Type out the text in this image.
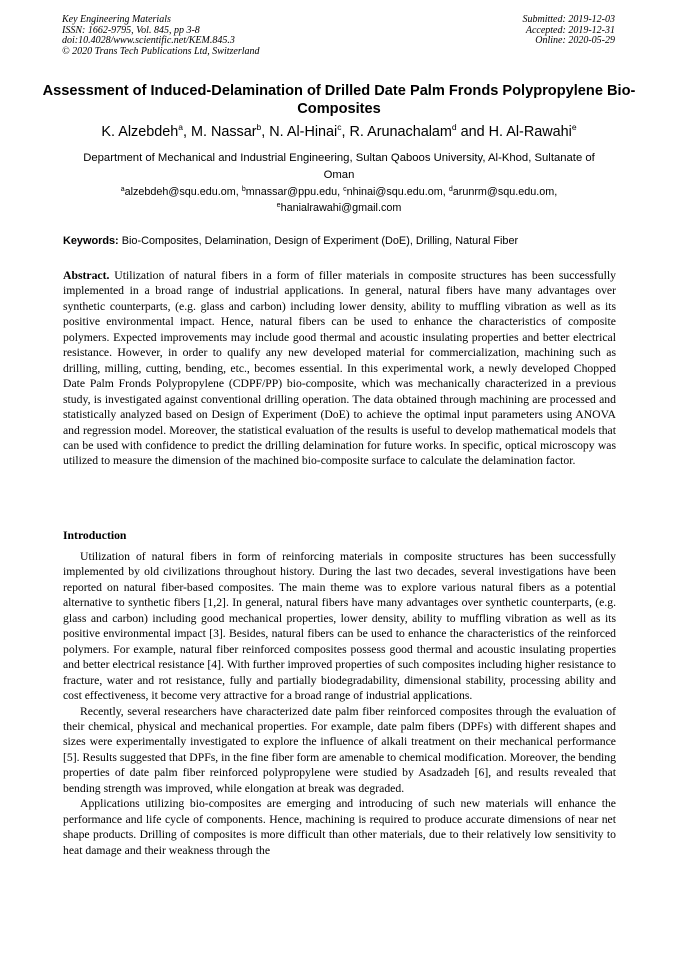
Key Engineering Materials
ISSN: 1662-9795, Vol. 845, pp 3-8
doi:10.4028/www.scientific.net/KEM.845.3
© 2020 Trans Tech Publications Ltd, Switzerland
Submitted: 2019-12-03
Accepted: 2019-12-31
Online: 2020-05-29
Assessment of Induced-Delamination of Drilled Date Palm Fronds Polypropylene Bio-Composites
K. Alzebdeh$^a$, M. Nassar$^b$, N. Al-Hinai$^c$, R. Arunachalam$^d$ and H. Al-Rawahi$^e$
Department of Mechanical and Industrial Engineering, Sultan Qaboos University, Al-Khod, Sultanate of Oman
$^a$alzebdeh@squ.edu.om, $^b$mnassar@ppu.edu, $^c$nhinai@squ.edu.om, $^d$arunrm@squ.edu.om,
$^e$hanialrawahi@gmail.com
Keywords: Bio-Composites, Delamination, Design of Experiment (DoE), Drilling, Natural Fiber
Abstract. Utilization of natural fibers in a form of filler materials in composite structures has been successfully implemented in a broad range of industrial applications. In general, natural fibers have many advantages over synthetic counterparts, (e.g. glass and carbon) including lower density, ability to muffling vibration as well as its positive environmental impact. Hence, natural fibers can be used to enhance the characteristics of composite polymers. Expected improvements may include good thermal and acoustic insulating properties and better electrical resistance. However, in order to qualify any new developed material for commercialization, machining such as drilling, milling, cutting, bending, etc., becomes essential. In this experimental work, a newly developed Chopped Date Palm Fronds Polypropylene (CDPF/PP) bio-composite, which was mechanically characterized in a previous study, is investigated against conventional drilling operation. The data obtained through machining are processed and statistically analyzed based on Design of Experiment (DoE) to achieve the optimal input parameters using ANOVA and regression model. Moreover, the statistical evaluation of the results is useful to develop mathematical models that can be used with confidence to predict the drilling delamination for future works. In specific, optical microscopy was utilized to measure the dimension of the machined bio-composite surface to calculate the delamination factor.
Introduction

Utilization of natural fibers in form of reinforcing materials in composite structures has been successfully implemented by old civilizations throughout history. During the last two decades, several investigations have been reported on natural fiber-based composites. The main theme was to explore various natural fibers as a potential alternative to synthetic fibers [1,2]. In general, natural fibers have many advantages over synthetic counterparts, (e.g. glass and carbon) including good mechanical properties, lower density, ability to muffling vibration as well as its positive environmental impact [3]. Besides, natural fibers can be used to enhance the characteristics of the reinforced polymers. For example, natural fiber reinforced composites possess good thermal and acoustic insulating properties and better electrical resistance [4]. With further improved properties of such composites including higher resistance to fracture, water and rot resistance, fully and partially biodegradability, dimensional stability, processing ability and cost effectiveness, it become very attractive for a broad range of industrial applications.

Recently, several researchers have characterized date palm fiber reinforced composites through the evaluation of their chemical, physical and mechanical properties. For example, date palm fibers (DPFs) with different shapes and sizes were experimentally investigated to explore the influence of alkali treatment on their mechanical performance [5]. Results suggested that DPFs, in the fine fiber form are amenable to chemical modification. Moreover, the bending properties of date palm fiber reinforced polypropylene were studied by Asadzadeh [6], and results revealed that bending strength was improved, while elongation at break was degraded.

Applications utilizing bio-composites are emerging and introducing of such new materials will enhance the performance and life cycle of components. Hence, machining is required to produce accurate dimensions of near net shape products. Drilling of composites is more difficult than other materials, due to their relatively low sensitivity to heat damage and their weakness through the
